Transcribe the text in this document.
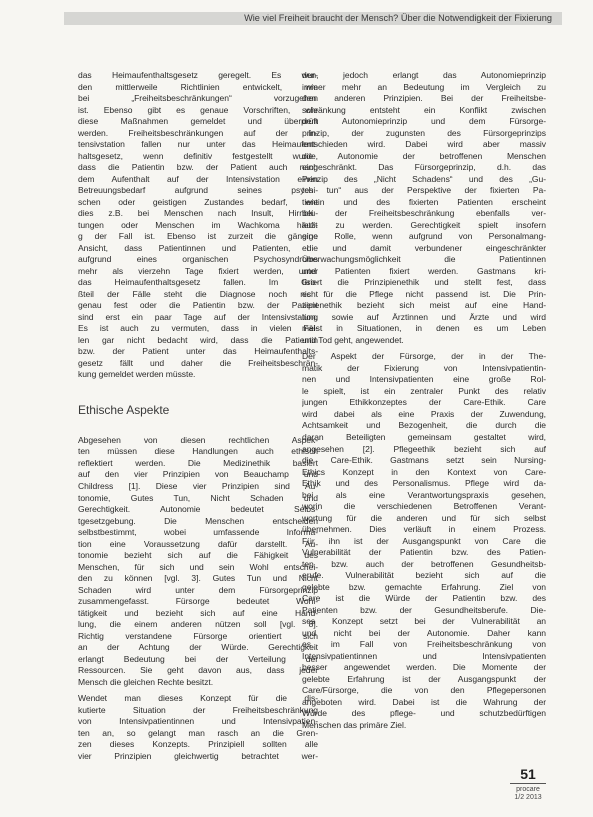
Wie viel Freiheit braucht der Mensch? Über die Notwendigkeit der Fixierung
das Heimaufenthaltsgesetz geregelt. Es wur-
den mittlerweile Richtlinien entwickelt, wie
bei „Freiheitsbeschränkungen“ vorzugehen
ist. Ebenso gibt es genaue Vorschriften, wie
diese Maßnahmen gemeldet und überprüft
werden. Freiheitsbeschränkungen auf der In-
tensivstation fallen nur unter das Heimaufent-
haltsgesetz, wenn definitiv festgestellt wurde,
dass die Patientin bzw. der Patient auch nach
dem Aufenthalt auf der Intensivstation einen
Betreuungsbedarf aufgrund seines psychi-
schen oder geistigen Zustandes bedarf, wie
dies z.B. bei Menschen nach Insult, Hirnblu-
tungen oder Menschen im Wachkoma häufi-
g der Fall ist. Ebenso ist zurzeit die gängige
Ansicht, dass Patientinnen und Patienten, die
aufgrund eines organischen Psychosyndroms
mehr als vierzehn Tage fixiert werden, unter
das Heimaufenthaltsgesetz fallen. Im Gro-
ßteil der Fälle steht die Diagnose noch nicht
genau fest oder die Patientin bzw. der Patient
sind erst ein paar Tage auf der Intensivstation.
Es ist auch zu vermuten, dass in vielen Fäl-
len gar nicht bedacht wird, dass die Patientin
bzw. der Patient unter das Heimaufenthalts-
gesetz fällt und daher die Freiheitsbeschrän-
kung gemeldet werden müsste.
Ethische Aspekte
Abgesehen von diesen rechtlichen Aspek-
ten müssen diese Handlungen auch ethisch
reflektiert werden. Die Medizinethik basiert
auf den vier Prinzipien von Beauchamp und
Childress [1]. Diese vier Prinzipien sind Au-
tonomie, Gutes Tun, Nicht Schaden und
Gerechtigkeit. Autonomie bedeutet Selbs-
tgesetzgebung. Die Menschen entscheiden
selbstbestimmt, wobei umfassende Informa-
tion eine Voraussetzung dafür darstellt. Au-
tonomie bezieht sich auf die Fähigkeit des
Menschen, für sich und sein Wohl entschei-
den zu können [vgl. 3]. Gutes Tun und Nicht
Schaden wird unter dem Fürsorgeprinzip
zusammengefasst. Fürsorge bedeutet Wohl-
tätigkeit und bezieht sich auf eine Hand-
lung, die einem anderen nützen soll [vgl. 8].
Richtig verstandene Fürsorge orientiert sich
an der Achtung der Würde. Gerechtigkeit
erlangt Bedeutung bei der Verteilung der
Ressourcen. Sie geht davon aus, dass jeder
Mensch die gleichen Rechte besitzt.
Wendet man dieses Konzept für die dis-
kutierte Situation der Freiheitsbeschränkung
von Intensivpatientinnen und Intensivpatien-
ten an, so gelangt man rasch an die Gren-
zen dieses Konzepts. Prinzipiell sollten alle
vier Prinzipien gleichwertig betrachtet wer-
den, jedoch erlangt das Autonomieprinzip
immer mehr an Bedeutung im Vergleich zu
den anderen Prinzipien. Bei der Freiheitsbe-
schränkung entsteht ein Konflikt zwischen
dem Autonomieprinzip und dem Fürsorge-
prinzip, der zugunsten des Fürsorgeprinzips
entschieden wird. Dabei wird aber massiv
die Autonomie der betroffenen Menschen
eingeschränkt. Das Fürsorgeprinzip, d.h. das
Prinzip des „Nicht Schadens“ und des „Gu-
tes tun“ aus der Perspektive der fixierten Pa-
tientin und des fixierten Patienten erscheint
bei der Freiheitsbeschränkung ebenfalls ver-
letzt zu werden. Gerechtigkeit spielt insofern
eine Rolle, wenn aufgrund von Personalmang-
el und damit verbundener eingeschränkter
Überwachungsmöglichkeit die Patientinnen
und Patienten fixiert werden. Gastmans kri-
tisiert die Prinzipienethik und stellt fest, dass
es für die Pflege nicht passend ist. Die Prin-
zipienethik bezieht sich meist auf eine Hand-
lung sowie auf Ärztinnen und Ärzte und wird
meist in Situationen, in denen es um Leben
und Tod geht, angewendet.
Der Aspekt der Fürsorge, der in der The-
matik der Fixierung von Intensivpatientin-
nen und Intensivpatienten eine große Rol-
le spielt, ist ein zentraler Punkt des relativ
jungen Ethikkonzeptes der Care-Ethik. Care
wird dabei als eine Praxis der Zuwendung,
Achtsamkeit und Bezogenheit, die durch die
daran Beteiligten gemeinsam gestaltet wird,
angesehen [2]. Pflegeethik bezieht sich auf
die Care-Ethik. Gastmans setzt sein Nursing-
Ethics Konzept in den Kontext von Care-
Ethik und des Personalismus. Pflege wird da-
bei als eine Verantwortungspraxis gesehen,
worin die verschiedenen Betroffenen Verant-
wortung für die anderen und für sich selbst
übernehmen. Dies verläuft in einem Prozess.
Für ihn ist der Ausgangspunkt von Care die
Vulnerabilität der Patientin bzw. des Patien-
ten bzw. auch der betroffenen Gesundheitsb-
erufe. Vulnerabilität bezieht sich auf die
gelebte bzw. gemachte Erfahrung. Ziel von
Care ist die Würde der Patientin bzw. des
Patienten bzw. der Gesundheitsberufe. Die-
ses Konzept setzt bei der Vulnerabilität an
und nicht bei der Autonomie. Daher kann
es im Fall von Freiheitsbeschränkung von
Intensivpatientinnen und Intensivpatienten
besser angewendet werden. Die Momente der
gelebte Erfahrung ist der Ausgangspunkt der
Care/Fürsorge, die von den Pflegepersonen
angeboten wird. Dabei ist die Wahrung der
Würde des pflege- und schutzbedürftigen
Menschen das primäre Ziel.
51
procare
1/2 2013
